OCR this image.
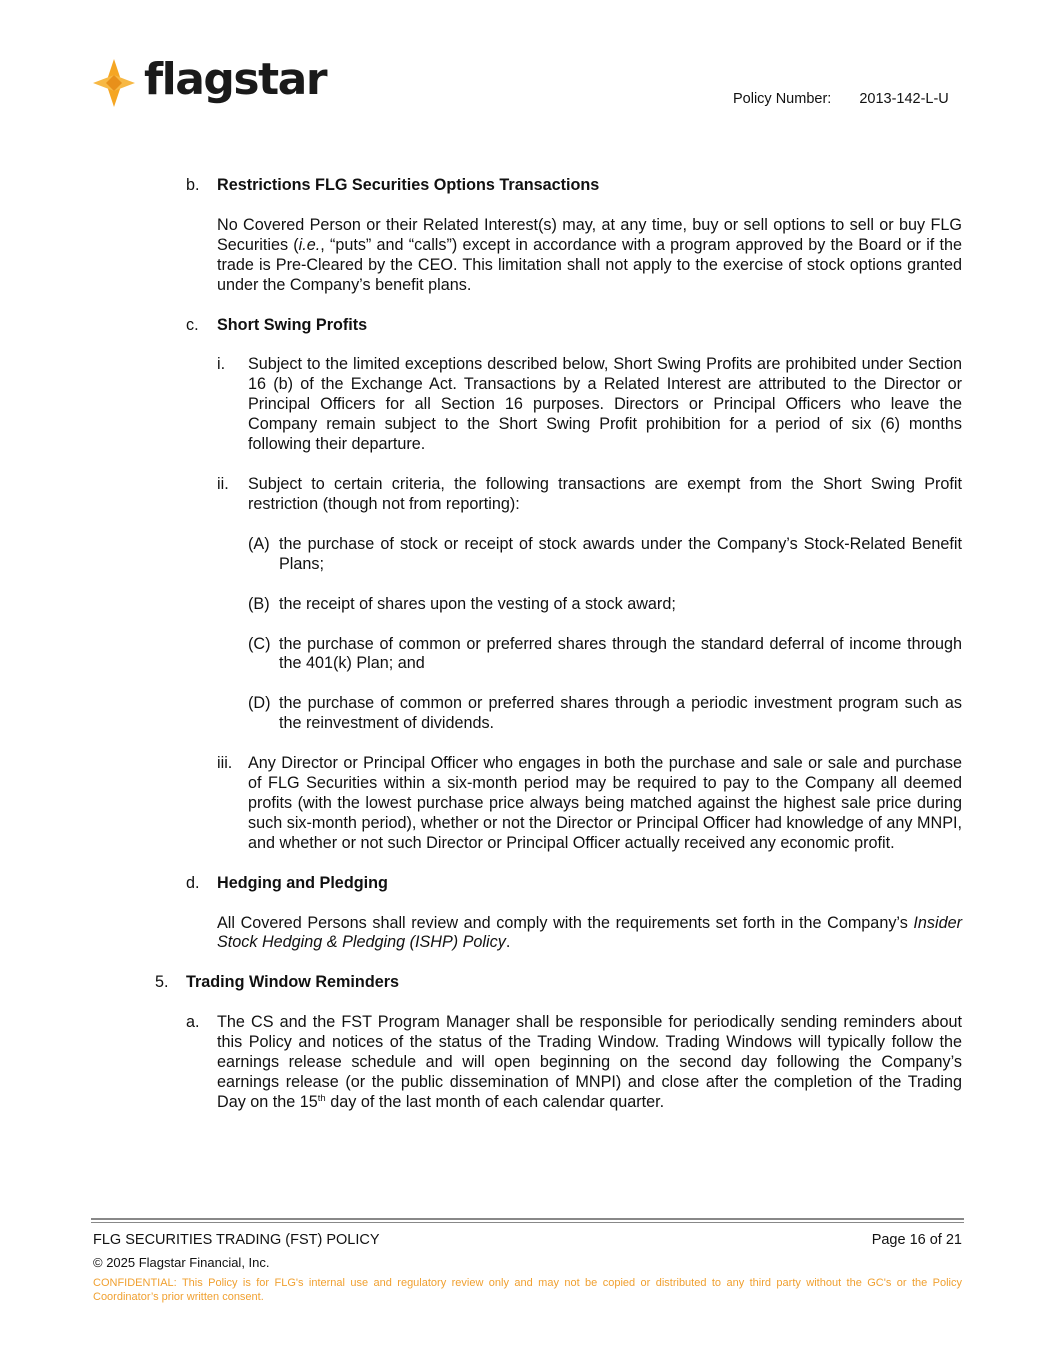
flagstar	Policy Number: 2013-142-L-U
b.	Restrictions FLG Securities Options Transactions

No Covered Person or their Related Interest(s) may, at any time, buy or sell options to sell or buy FLG Securities (i.e., “puts” and “calls”) except in accordance with a program approved by the Board or if the trade is Pre-Cleared by the CEO. This limitation shall not apply to the exercise of stock options granted under the Company’s benefit plans.

c.	Short Swing Profits
i.	Subject to the limited exceptions described below, Short Swing Profits are prohibited under Section 16 (b) of the Exchange Act. Transactions by a Related Interest are attributed to the Director or Principal Officers for all Section 16 purposes. Directors or Principal Officers who leave the Company remain subject to the Short Swing Profit prohibition for a period of six (6) months following their departure.

ii.	Subject to certain criteria, the following transactions are exempt from the Short Swing Profit restriction (though not from reporting):

(A) the purchase of stock or receipt of stock awards under the Company’s Stock-Related Benefit Plans;

(B) the receipt of shares upon the vesting of a stock award;

(C) the purchase of common or preferred shares through the standard deferral of income through the 401(k) Plan; and

(D) the purchase of common or preferred shares through a periodic investment program such as the reinvestment of dividends.

iii. Any Director or Principal Officer who engages in both the purchase and sale or sale and purchase of FLG Securities within a six-month period may be required to pay to the Company all deemed profits (with the lowest purchase price always being matched against the highest sale price during such six-month period), whether or not the Director or Principal Officer had knowledge of any MNPI, and whether or not such Director or Principal Officer actually received any economic profit.

d.	Hedging and Pledging

All Covered Persons shall review and comply with the requirements set forth in the Company’s Insider Stock Hedging & Pledging (ISHP) Policy.

5.	Trading Window Reminders
a.	The CS and the FST Program Manager shall be responsible for periodically sending reminders about this Policy and notices of the status of the Trading Window. Trading Windows will typically follow the earnings release schedule and will open beginning on the second day following the Company’s earnings release (or the public dissemination of MNPI) and close after the completion of the Trading Day on the 15th day of the last month of each calendar quarter.

FLG SECURITIES TRADING (FST) POLICY	Page 16 of 21
© 2025 Flagstar Financial, Inc.
CONFIDENTIAL: This Policy is for FLG's internal use and regulatory review only and may not be copied or distributed to any third party without the GC's or the Policy Coordinator’s prior written consent.
